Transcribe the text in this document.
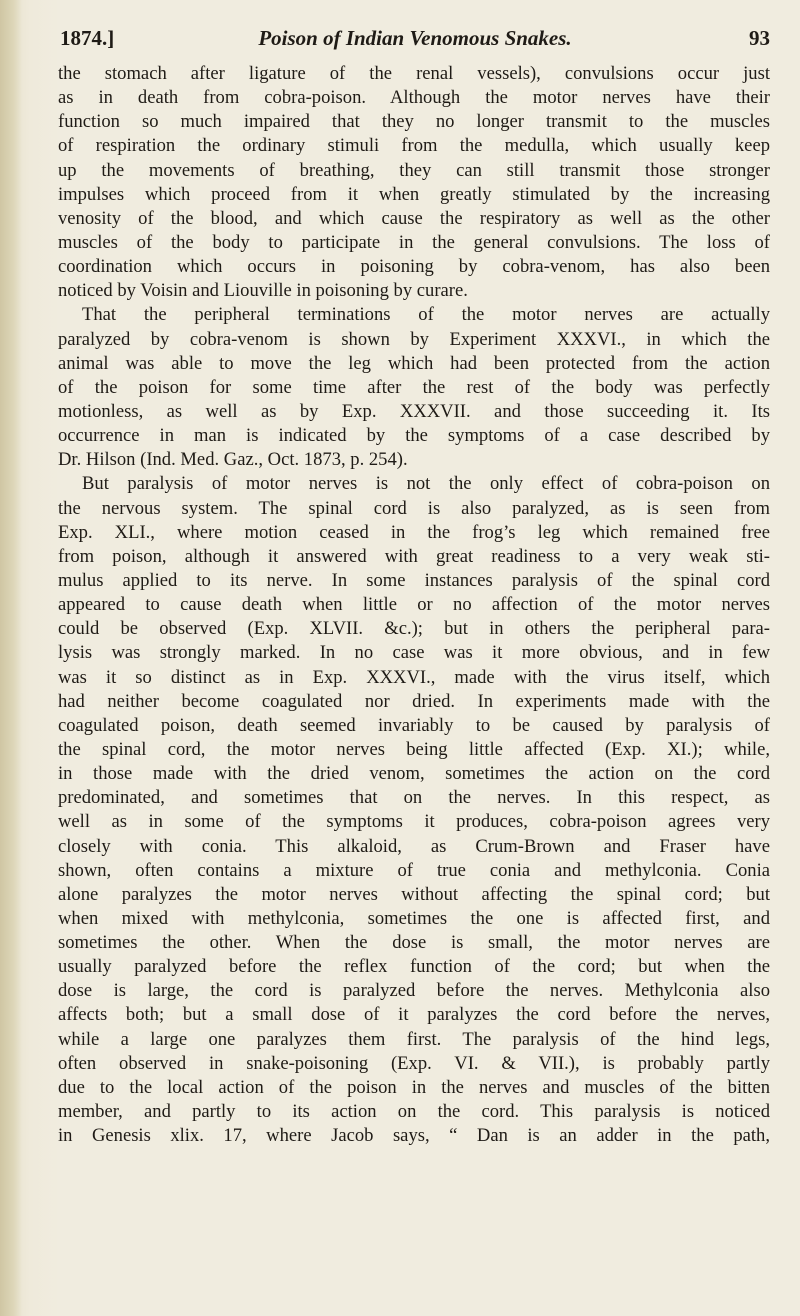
1874.]	Poison of Indian Venomous Snakes.	93
the stomach after ligature of the renal vessels), convulsions occur just
as in death from cobra-poison. Although the motor nerves have their
function so much impaired that they no longer transmit to the muscles
of respiration the ordinary stimuli from the medulla, which usually keep
up the movements of breathing, they can still transmit those stronger
impulses which proceed from it when greatly stimulated by the increasing
venosity of the blood, and which cause the respiratory as well as the other
muscles of the body to participate in the general convulsions. The loss of
coordination which occurs in poisoning by cobra-venom, has also been
noticed by Voisin and Liouville in poisoning by curare.
That the peripheral terminations of the motor nerves are actually
paralyzed by cobra-venom is shown by Experiment XXXVI., in which the
animal was able to move the leg which had been protected from the action
of the poison for some time after the rest of the body was perfectly
motionless, as well as by Exp. XXXVII. and those succeeding it. Its
occurrence in man is indicated by the symptoms of a case described by
Dr. Hilson (Ind. Med. Gaz., Oct. 1873, p. 254).
But paralysis of motor nerves is not the only effect of cobra-poison on
the nervous system. The spinal cord is also paralyzed, as is seen from
Exp. XLI., where motion ceased in the frog’s leg which remained free
from poison, although it answered with great readiness to a very weak sti-
mulus applied to its nerve. In some instances paralysis of the spinal cord
appeared to cause death when little or no affection of the motor nerves
could be observed (Exp. XLVII. &c.); but in others the peripheral para-
lysis was strongly marked. In no case was it more obvious, and in few
was it so distinct as in Exp. XXXVI., made with the virus itself, which
had neither become coagulated nor dried. In experiments made with the
coagulated poison, death seemed invariably to be caused by paralysis of
the spinal cord, the motor nerves being little affected (Exp. XI.); while,
in those made with the dried venom, sometimes the action on the cord
predominated, and sometimes that on the nerves. In this respect, as
well as in some of the symptoms it produces, cobra-poison agrees very
closely with conia. This alkaloid, as Crum-Brown and Fraser have
shown, often contains a mixture of true conia and methylconia. Conia
alone paralyzes the motor nerves without affecting the spinal cord; but
when mixed with methylconia, sometimes the one is affected first, and
sometimes the other. When the dose is small, the motor nerves are
usually paralyzed before the reflex function of the cord; but when the
dose is large, the cord is paralyzed before the nerves. Methylconia also
affects both; but a small dose of it paralyzes the cord before the nerves,
while a large one paralyzes them first. The paralysis of the hind legs,
often observed in snake-poisoning (Exp. VI. & VII.), is probably partly
due to the local action of the poison in the nerves and muscles of the bitten
member, and partly to its action on the cord. This paralysis is noticed
in Genesis xlix. 17, where Jacob says, “ Dan is an adder in the path,
